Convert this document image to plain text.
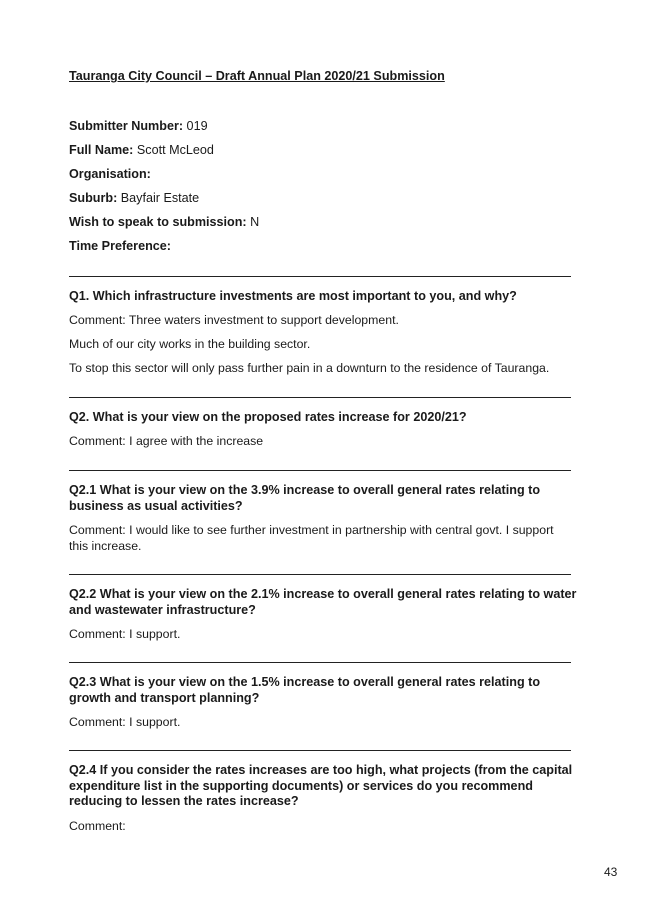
Tauranga City Council – Draft Annual Plan 2020/21 Submission
Submitter Number: 019
Full Name: Scott McLeod
Organisation:
Suburb: Bayfair Estate
Wish to speak to submission: N
Time Preference:
Q1. Which infrastructure investments are most important to you, and why?
Comment: Three waters investment to support development.
Much of our city works in the building sector.
To stop this sector will only pass further pain in a downturn to the residence of Tauranga.
Q2. What is your view on the proposed rates increase for 2020/21?
Comment: I agree with the increase
Q2.1 What is your view on the 3.9% increase to overall general rates relating to business as usual activities?
Comment: I would like to see further investment in partnership with central govt. I support this increase.
Q2.2 What is your view on the 2.1% increase to overall general rates relating to water and wastewater infrastructure?
Comment: I support.
Q2.3 What is your view on the 1.5% increase to overall general rates relating to growth and transport planning?
Comment: I support.
Q2.4 If you consider the rates increases are too high, what projects (from the capital expenditure list in the supporting documents) or services do you recommend reducing to lessen the rates increase?
Comment:
43
